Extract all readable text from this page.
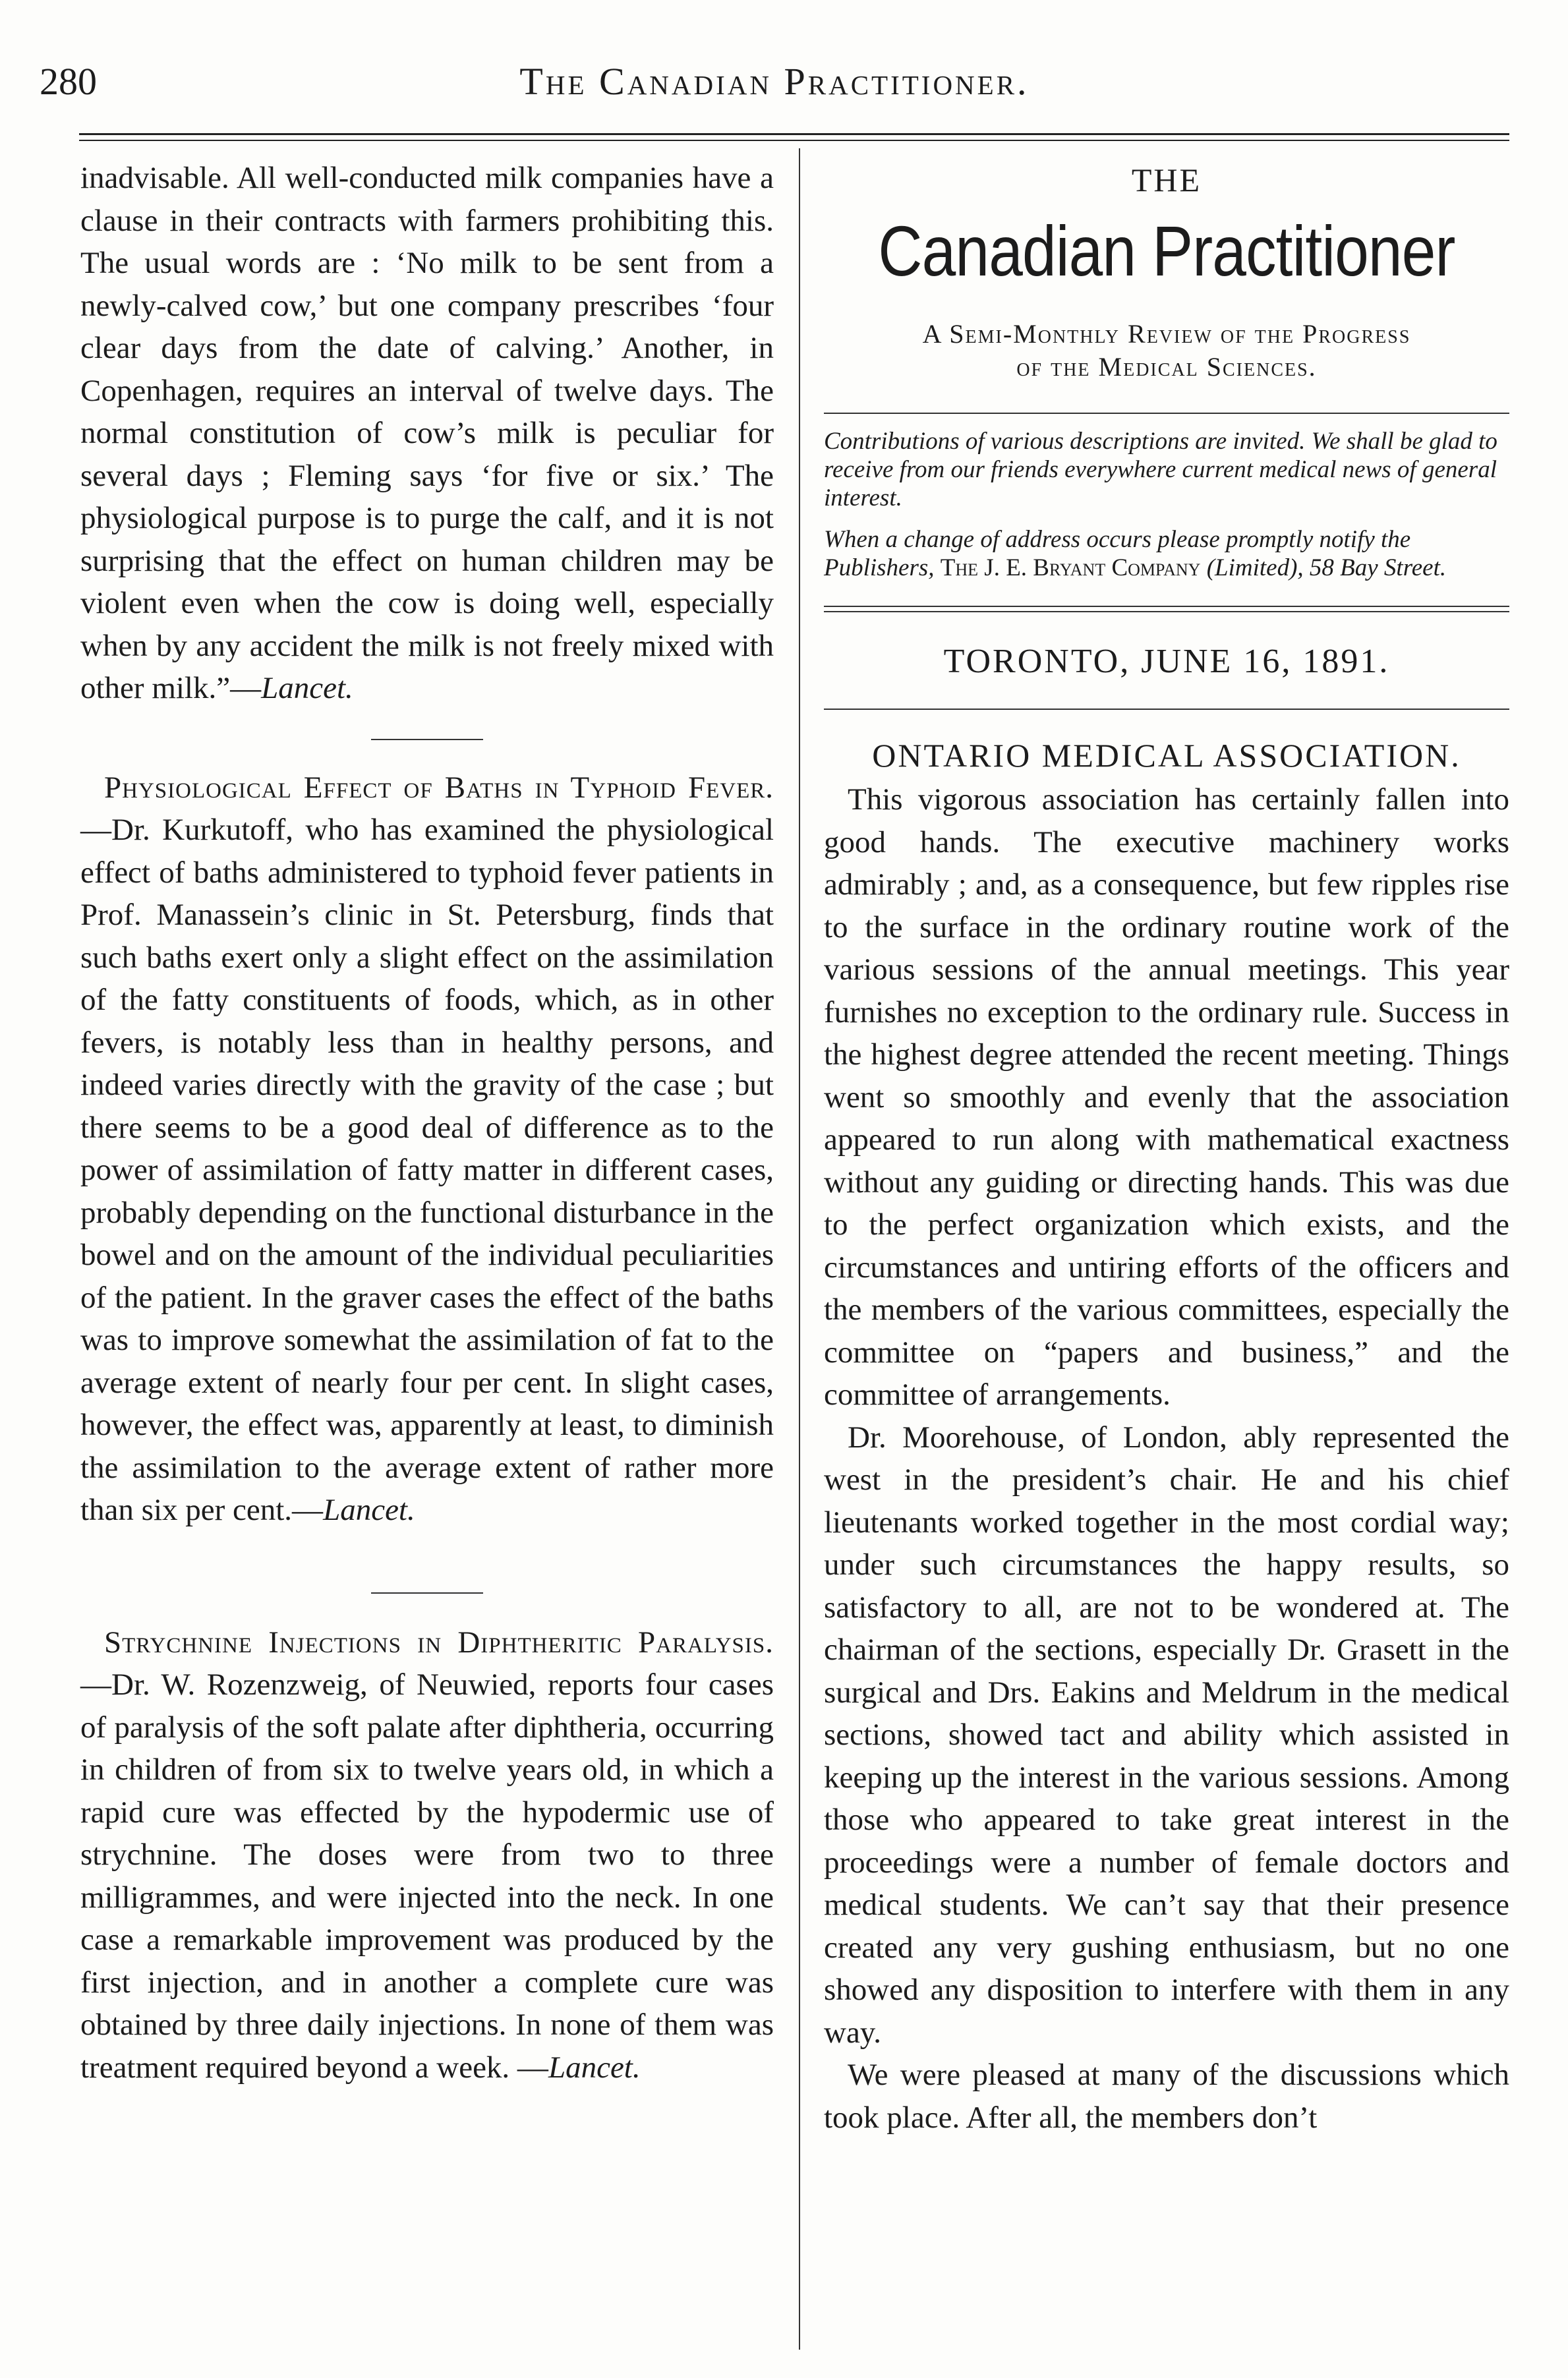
280	The Canadian Practitioner.

inadvisable. All well-conducted milk companies have a clause in their contracts with farmers prohibiting this. The usual words are : ‘No milk to be sent from a newly-calved cow,’ but one company prescribes ‘four clear days from the date of calving.’ Another, in Copenhagen, requires an interval of twelve days. The normal constitution of cow’s milk is peculiar for several days ; Fleming says ‘for five or six.’ The physiological purpose is to purge the calf, and it is not surprising that the effect on human children may be violent even when the cow is doing well, especially when by any accident the milk is not freely mixed with other milk.”—Lancet.

Physiological Effect of Baths in Typhoid Fever.—Dr. Kurkutoff, who has examined the physiological effect of baths administered to typhoid fever patients in Prof. Manassein’s clinic in St. Petersburg, finds that such baths exert only a slight effect on the assimilation of the fatty constituents of foods, which, as in other fevers, is notably less than in healthy persons, and indeed varies directly with the gravity of the case ; but there seems to be a good deal of difference as to the power of assimilation of fatty matter in different cases, probably depending on the functional disturbance in the bowel and on the amount of the individual peculiarities of the patient. In the graver cases the effect of the baths was to improve somewhat the assimilation of fat to the average extent of nearly four per cent. In slight cases, however, the effect was, apparently at least, to diminish the assimilation to the average extent of rather more than six per cent.—Lancet.

Strychnine Injections in Diphtheritic Paralysis.—Dr. W. Rozenzweig, of Neuwied, reports four cases of paralysis of the soft palate after diphtheria, occurring in children of from six to twelve years old, in which a rapid cure was effected by the hypodermic use of strychnine. The doses were from two to three milligrammes, and were injected into the neck. In one case a remarkable improvement was produced by the first injection, and in another a complete cure was obtained by three daily injections. In none of them was treatment required beyond a week. —Lancet.

THE
Canadian Practitioner
A Semi-Monthly Review of the Progress
of the Medical Sciences.
Contributions of various descriptions are invited. We shall be glad to receive from our friends everywhere current medical news of general interest.
When a change of address occurs please promptly notify the Publishers, The J. E. Bryant Company (Limited), 58 Bay Street.
TORONTO, JUNE 16, 1891.
ONTARIO MEDICAL ASSOCIATION.

This vigorous association has certainly fallen into good hands. The executive machinery works admirably ; and, as a consequence, but few ripples rise to the surface in the ordinary routine work of the various sessions of the annual meetings. This year furnishes no exception to the ordinary rule. Success in the highest degree attended the recent meeting. Things went so smoothly and evenly that the association appeared to run along with mathematical exactness without any guiding or directing hands. This was due to the perfect organization which exists, and the circumstances and untiring efforts of the officers and the members of the various committees, especially the committee on “papers and business,” and the committee of arrangements.

Dr. Moorehouse, of London, ably represented the west in the president’s chair. He and his chief lieutenants worked together in the most cordial way; under such circumstances the happy results, so satisfactory to all, are not to be wondered at. The chairman of the sections, especially Dr. Grasett in the surgical and Drs. Eakins and Meldrum in the medical sections, showed tact and ability which assisted in keeping up the interest in the various sessions. Among those who appeared to take great interest in the proceedings were a number of female doctors and medical students. We can’t say that their presence created any very gushing enthusiasm, but no one showed any disposition to interfere with them in any way.

We were pleased at many of the discussions which took place. After all, the members don’t
